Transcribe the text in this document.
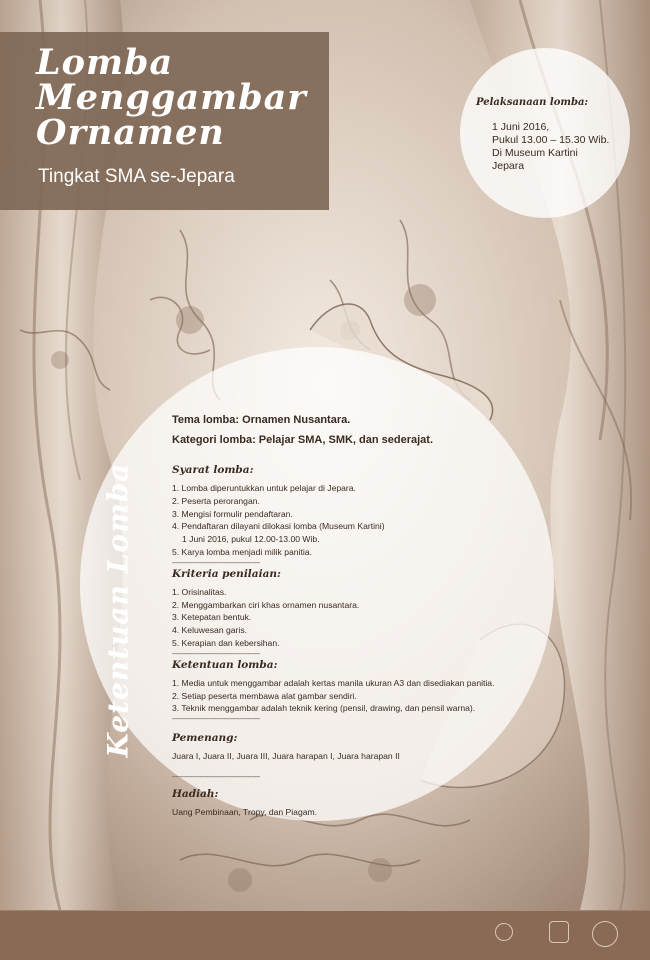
Lomba
Menggambar
Ornamen
Tingkat SMA se-Jepara
Pelaksanaan lomba:
1 Juni 2016,
Pukul 13.00 – 15.30 Wib.
Di Museum Kartini
Jepara
Ketentuan Lomba
Tema lomba: Ornamen Nusantara.
Kategori lomba: Pelajar SMA, SMK, dan sederajat.
Syarat lomba:
1. Lomba diperuntukkan untuk pelajar di Jepara.
2. Peserta perorangan.
3. Mengisi formulir pendaftaran.
4. Pendaftaran dilayani dilokasi lomba (Museum Kartini)
1 Juni 2016, pukul 12.00-13.00 Wib.
5. Karya lomba menjadi milik panitia.
------------------------------------------------
Kriteria penilaian:
1. Orisinalitas.
2. Menggambarkan ciri khas ornamen nusantara.
3. Ketepatan bentuk.
4. Keluwesan garis.
5. Kerapian dan kebersihan.
------------------------------------------------
Ketentuan lomba:
1. Media untuk menggambar adalah kertas manila ukuran A3 dan disediakan panitia.
2. Setiap peserta membawa alat gambar sendiri.
3. Teknik menggambar adalah teknik kering (pensil, drawing, dan pensil warna).
------------------------------------------------
Pemenang:
Juara I, Juara II, Juara III, Juara harapan I, Juara harapan II
------------------------------------------------
Hadiah:
Uang Pembinaan, Tropy, dan Piagam.
